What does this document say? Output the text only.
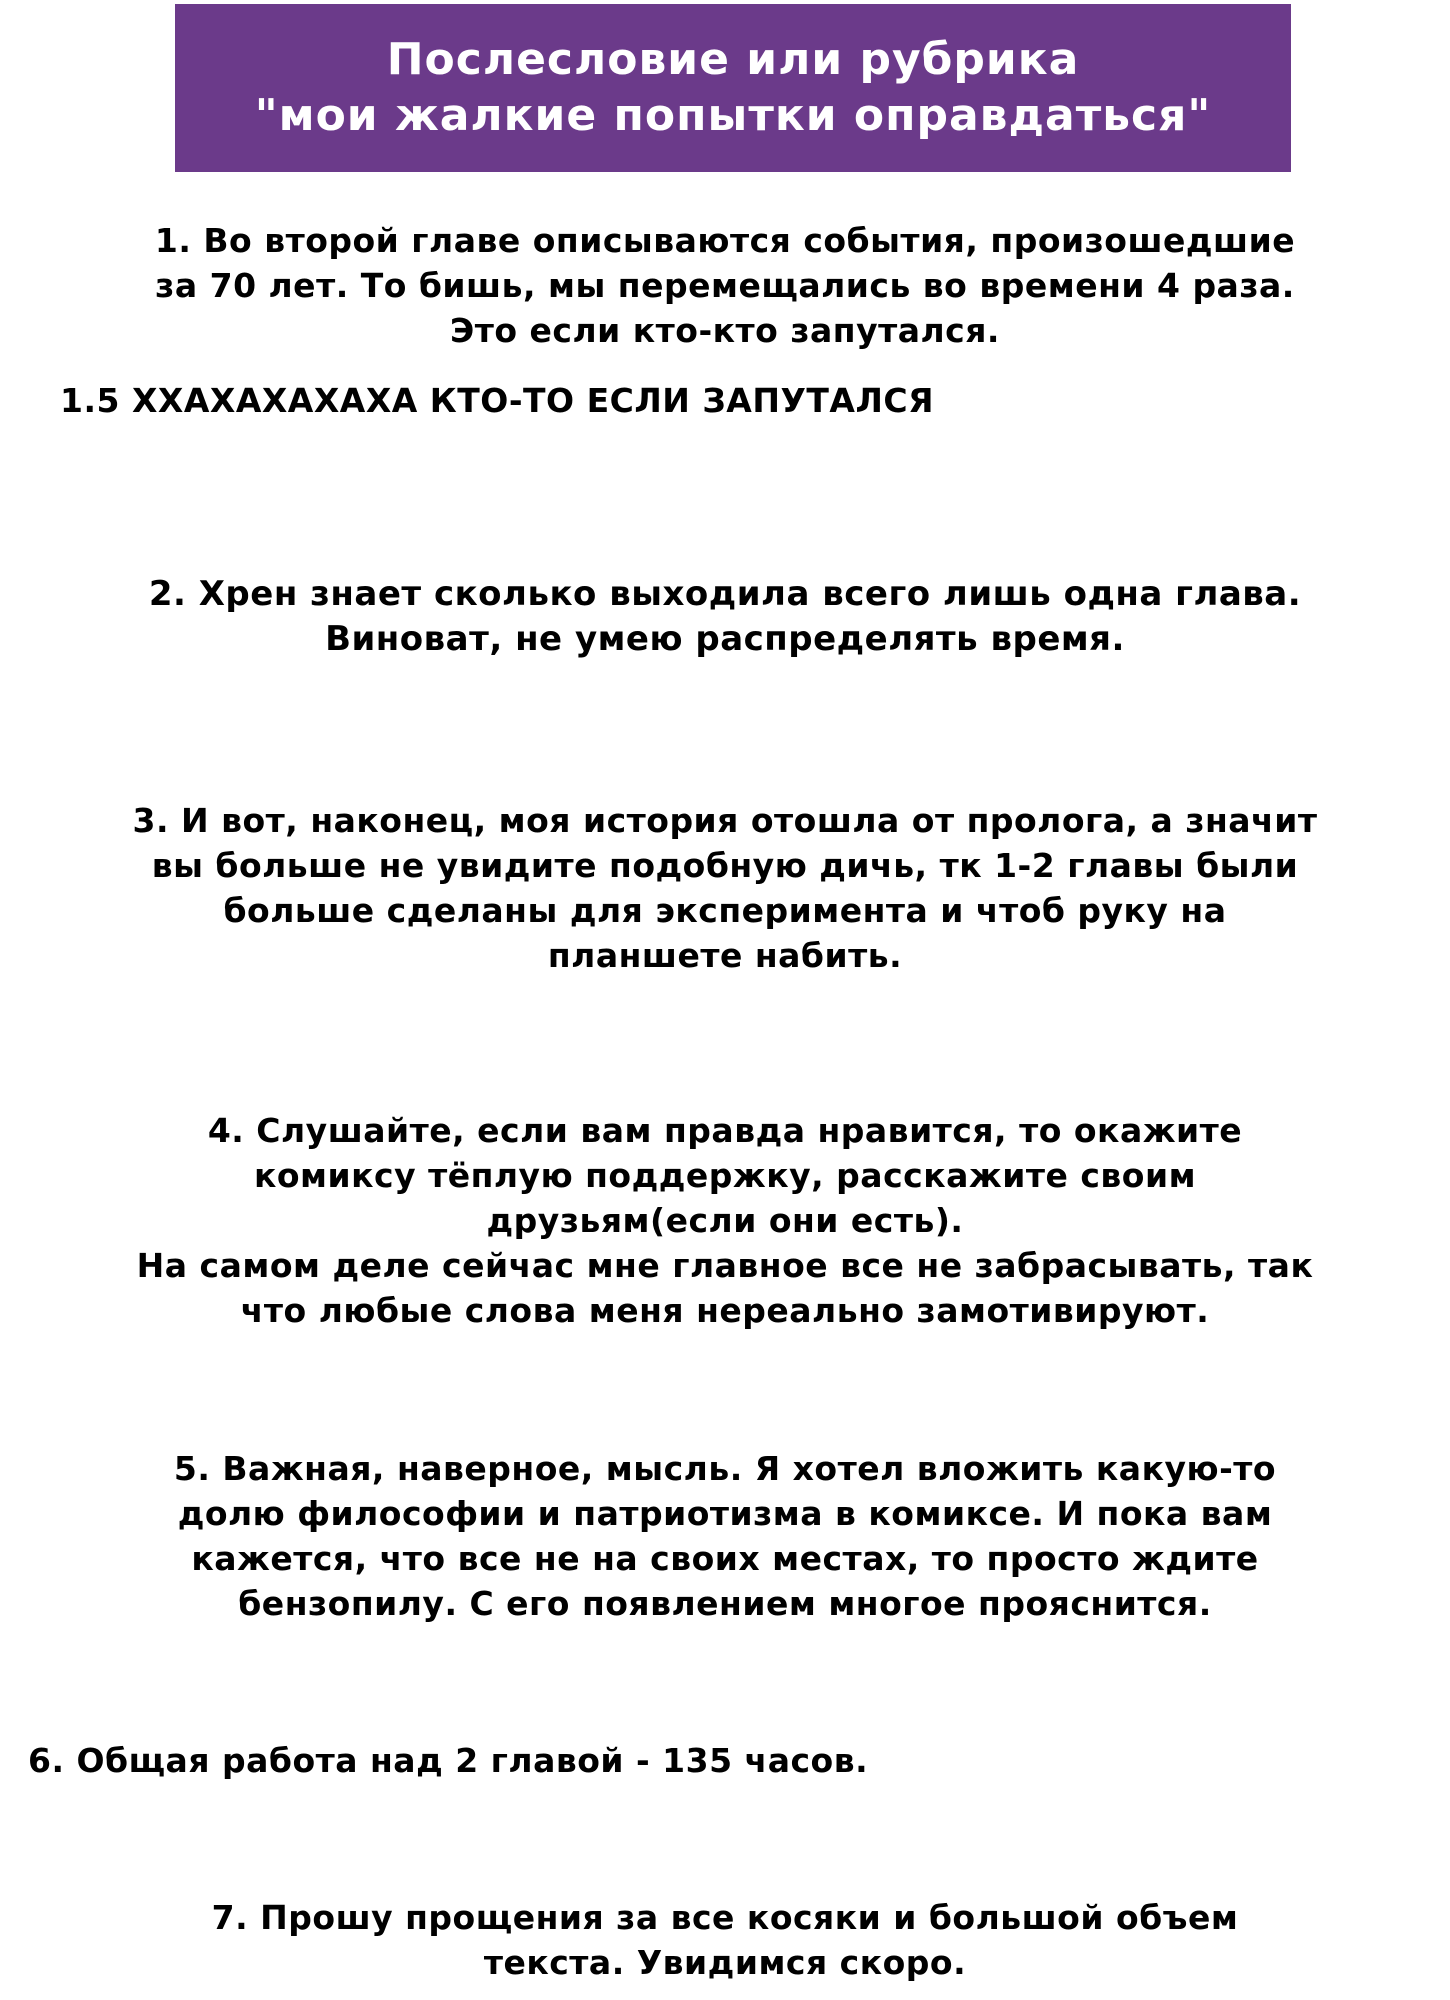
Послесловие или рубрика
"мои жалкие попытки оправдаться"
1. Во второй главе описываются события, произошедшие
за 70 лет. То бишь, мы перемещались во времени 4 раза.
Это если кто-кто запутался.
1.5 ХХАХАХАХАХА КТО-ТО ЕСЛИ ЗАПУТАЛСЯ
2. Хрен знает сколько выходила всего лишь одна глава.
Виноват, не умею распределять время.
3. И вот, наконец, моя история отошла от пролога, а значит
вы больше не увидите подобную дичь, тк 1-2 главы были
больше сделаны для эксперимента и чтоб руку на
планшете набить.
4. Слушайте, если вам правда нравится, то окажите
комиксу тёплую поддержку, расскажите своим
друзьям(если они есть).
На самом деле сейчас мне главное все не забрасывать, так
что любые слова меня нереально замотивируют.
5. Важная, наверное, мысль. Я хотел вложить какую-то
долю философии и патриотизма в комиксе. И пока вам
кажется, что все не на своих местах, то просто ждите
бензопилу. С его появлением многое прояснится.
6. Общая работа над 2 главой - 135 часов.
7. Прошу прощения за все косяки и большой объем
текста. Увидимся скоро.
